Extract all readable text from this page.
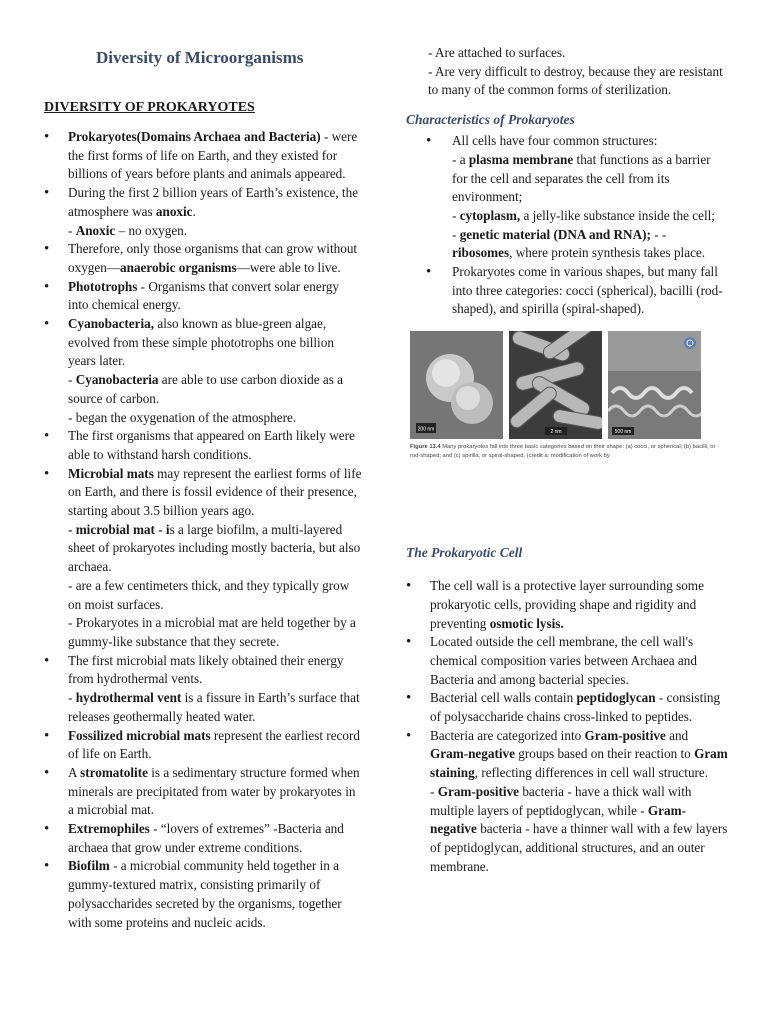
Diversity of Microorganisms
DIVERSITY OF PROKARYOTES
• Prokaryotes(Domains Archaea and Bacteria) - were the first forms of life on Earth, and they existed for billions of years before plants and animals appeared.
• During the first 2 billion years of Earth’s existence, the atmosphere was anoxic.
- Anoxic – no oxygen.
• Therefore, only those organisms that can grow without oxygen—anaerobic organisms—were able to live.
• Phototrophs - Organisms that convert solar energy into chemical energy.
• Cyanobacteria, also known as blue-green algae, evolved from these simple phototrophs one billion years later.
- Cyanobacteria are able to use carbon dioxide as a source of carbon.
- began the oxygenation of the atmosphere.
• The first organisms that appeared on Earth likely were able to withstand harsh conditions.
• Microbial mats may represent the earliest forms of life on Earth, and there is fossil evidence of their presence, starting about 3.5 billion years ago.
- microbial mat - is a large biofilm, a multi-layered sheet of prokaryotes including mostly bacteria, but also archaea.
- are a few centimeters thick, and they typically grow on moist surfaces.
- Prokaryotes in a microbial mat are held together by a gummy-like substance that they secrete.
• The first microbial mats likely obtained their energy from hydrothermal vents.
- hydrothermal vent is a fissure in Earth’s surface that releases geothermally heated water.
• Fossilized microbial mats represent the earliest record of life on Earth.
• A stromatolite is a sedimentary structure formed when minerals are precipitated from water by prokaryotes in a microbial mat.
• Extremophiles - “lovers of extremes” -Bacteria and archaea that grow under extreme conditions.
• Biofilm - a microbial community held together in a gummy-textured matrix, consisting primarily of polysaccharides secreted by the organisms, together with some proteins and nucleic acids.
- Are attached to surfaces.
- Are very difficult to destroy, because they are resistant to many of the common forms of sterilization.
Characteristics of Prokaryotes
• All cells have four common structures:
- a plasma membrane that functions as a barrier for the cell and separates the cell from its environment;
- cytoplasm, a jelly-like substance inside the cell;
- genetic material (DNA and RNA); - -
ribosomes, where protein synthesis takes place.
• Prokaryotes come in various shapes, but many fall into three categories: cocci (spherical), bacilli (rod-shaped), and spirilla (spiral-shaped).
200 nm	2 nm	500 nm
Figure 13.4 Many prokaryotes fall into three basic categories based on their shape: (a) cocci, or spherical; (b) bacilli, or rod-shaped; and (c) spirilla, or spiral-shaped. (credit a: modification of work by
The Prokaryotic Cell
• The cell wall is a protective layer surrounding some prokaryotic cells, providing shape and rigidity and preventing osmotic lysis.
• Located outside the cell membrane, the cell wall's chemical composition varies between Archaea and Bacteria and among bacterial species.
• Bacterial cell walls contain peptidoglycan - consisting of polysaccharide chains cross-linked to peptides.
• Bacteria are categorized into Gram-positive and Gram-negative groups based on their reaction to Gram staining, reflecting differences in cell wall structure.
- Gram-positive bacteria - have a thick wall with multiple layers of peptidoglycan, while - Gram-negative bacteria - have a thinner wall with a few layers of peptidoglycan, additional structures, and an outer membrane.
